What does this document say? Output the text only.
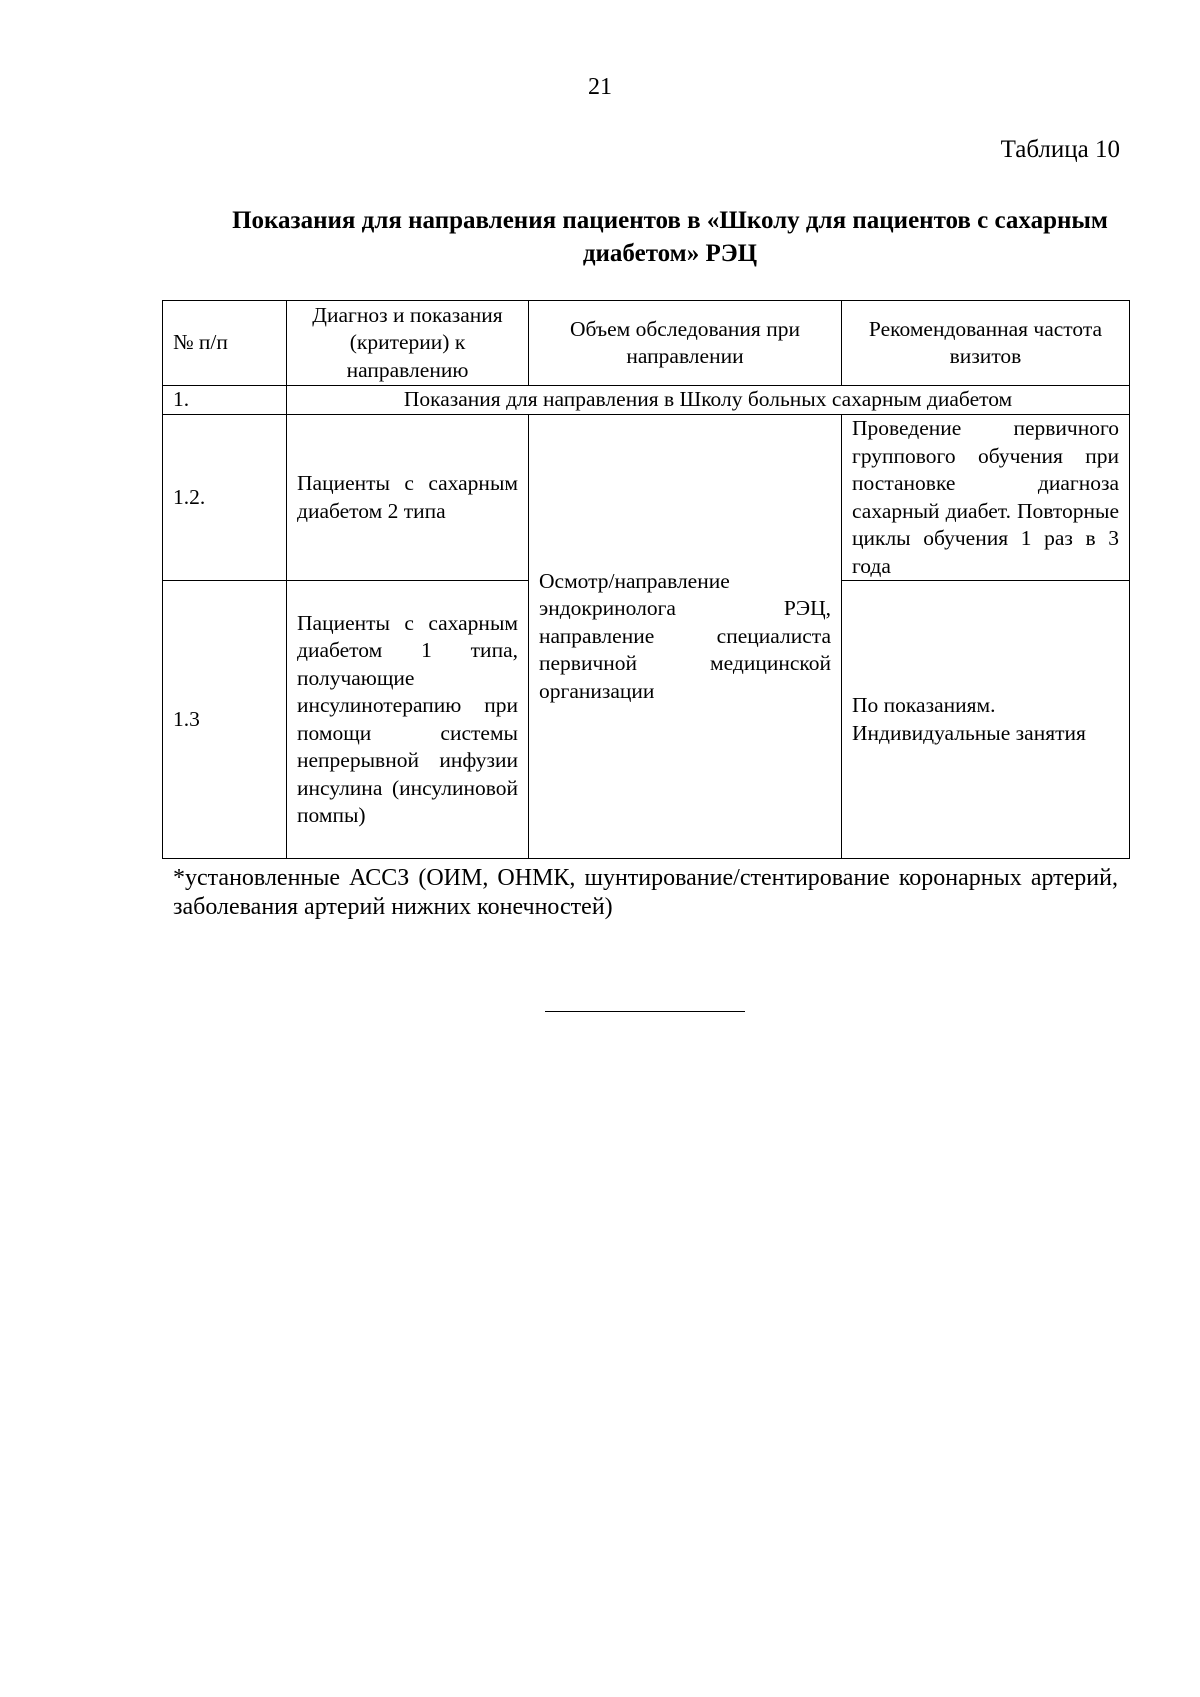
21
Таблица 10
Показания для направления пациентов в «Школу для пациентов с сахарным диабетом» РЭЦ
№ п/п	Диагноз и показания (критерии) к направлению	Объем обследования при направлении	Рекомендованная частота визитов
1.	Показания для направления в Школу больных сахарным диабетом		
1.2.	Пациенты с сахарным диабетом 2 типа	Осмотр/направление эндокринолога РЭЦ, направление специалиста первичной медицинской организации	Проведение первичного группового обучения при постановке диагноза сахарный диабет. Повторные циклы обучения 1 раз в 3 года
1.3	Пациенты с сахарным диабетом 1 типа, получающие инсулинотерапию при помощи системы непрерывной инфузии инсулина (инсулиновой помпы)		По показаниям. Индивидуальные занятия
*установленные АССЗ (ОИМ, ОНМК, шунтирование/стентирование коронарных артерий, заболевания артерий нижних конечностей)
